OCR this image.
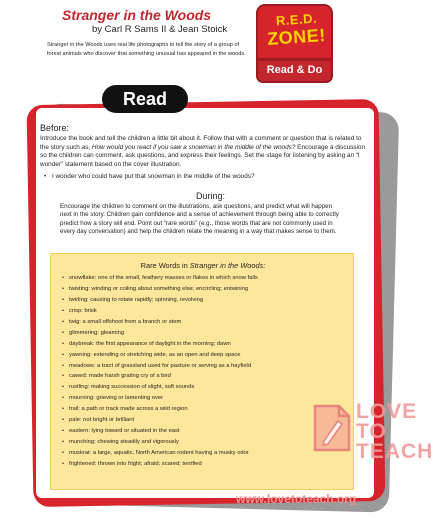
Stranger in the Woods
by Carl R Sams II & Jean Stoick
Stranger in the Woods uses real life photographs to tell the story of a group of forest animals who discover that something unusual has appeared in the woods.
R.E.D.
ZONE!
Read & Do
Read
Before:
Introduce the book and tell the children a little bit about it. Follow that with a comment or question that is related to the story such as, How would you react if you saw a snowman in the middle of the woods? Encourage a discussion so the children can comment, ask questions, and express their feelings. Set the stage for listening by asking an “I wonder” statement based on the cover illustration.
• I wonder who could have put that snowman in the middle of the woods?
During:
Encourage the children to comment on the illustrations, ask questions, and predict what will happen next in the story. Children gain confidence and a sense of achievement through being able to correctly predict how a story will end. Point out “rare words” (e.g., those words that are not commonly used in every day conversation) and help the children relate the meaning in a way that makes sense to them.
Rare Words in Stranger in the Woods:
• snowflake: one of the small, feathery masses or flakes in which snow falls
• twisting: winding or coiling about something else; encircling; entwining
• twirling: causing to rotate rapidly; spinning, revolving
• crisp: brisk
• twig: a small offshoot from a branch or stem
• glimmering: gleaming
• daybreak: the first appearance of daylight in the morning; dawn
• yawning: extending or stretching wide, as an open and deep space
• meadows: a tract of grassland used for pasture or serving as a hayfield
• cawed: made harsh grating cry of a bird
• rustling: making succession of slight, soft sounds
• mourning: grieving or lamenting over
• trail: a path or track made across a wild region
• pale: not bright or brilliant
• eastern: lying toward or situated in the east
• munching: chewing steadily and vigorously
• muskrat: a large, aquatic, North American rodent having a musky odor
• frightened: thrown into fright; afraid; scared; terrified
LOVE
TO
TEACH
www.lovetoteach.org
